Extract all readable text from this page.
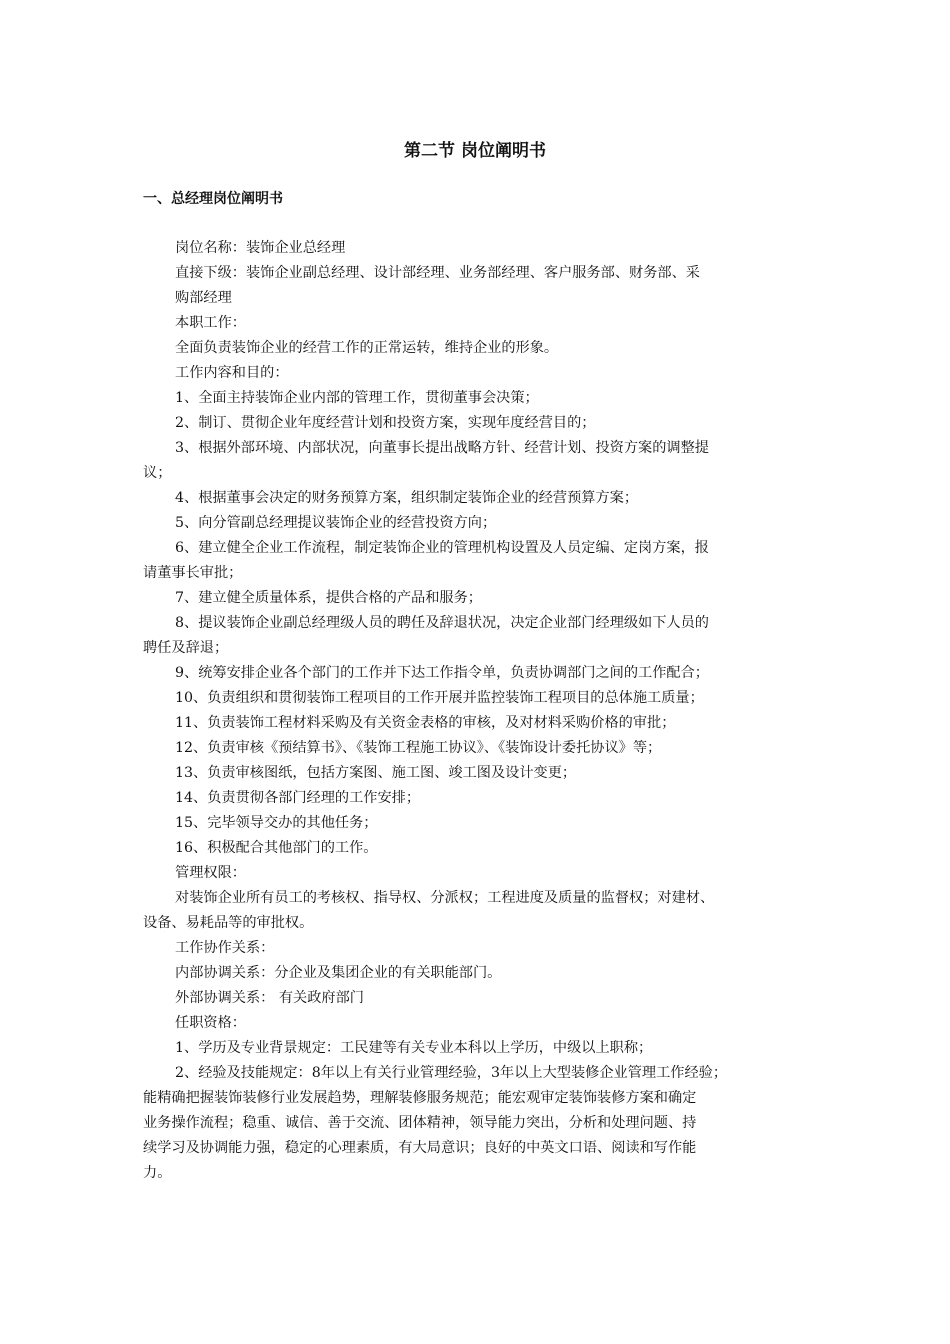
第二节 岗位阐明书
一、总经理岗位阐明书
岗位名称：装饰企业总经理
直接下级：装饰企业副总经理、设计部经理、业务部经理、客户服务部、财务部、采
购部经理
本职工作：
全面负责装饰企业的经营工作的正常运转，维持企业的形象。
工作内容和目的：
1、全面主持装饰企业内部的管理工作，贯彻董事会决策；
2、制订、贯彻企业年度经营计划和投资方案，实现年度经营目的；
3、根据外部环境、内部状况，向董事长提出战略方针、经营计划、投资方案的调整提
议；
4、根据董事会决定的财务预算方案，组织制定装饰企业的经营预算方案；
5、向分管副总经理提议装饰企业的经营投资方向；
6、建立健全企业工作流程，制定装饰企业的管理机构设置及人员定编、定岗方案，报
请董事长审批；
7、建立健全质量体系，提供合格的产品和服务；
8、提议装饰企业副总经理级人员的聘任及辞退状况，决定企业部门经理级如下人员的
聘任及辞退；
9、统筹安排企业各个部门的工作并下达工作指令单，负责协调部门之间的工作配合；
10、负责组织和贯彻装饰工程项目的工作开展并监控装饰工程项目的总体施工质量；
11、负责装饰工程材料采购及有关资金表格的审核，及对材料采购价格的审批；
12、负责审核《预结算书》、《装饰工程施工协议》、《装饰设计委托协议》等；
13、负责审核图纸，包括方案图、施工图、竣工图及设计变更；
14、负责贯彻各部门经理的工作安排；
15、完毕领导交办的其他任务；
16、积极配合其他部门的工作。
管理权限：
对装饰企业所有员工的考核权、指导权、分派权；工程进度及质量的监督权；对建材、
设备、易耗品等的审批权。
工作协作关系：
内部协调关系：分企业及集团企业的有关职能部门。
外部协调关系： 有关政府部门
任职资格：
1、学历及专业背景规定：工民建等有关专业本科以上学历，中级以上职称；
2、经验及技能规定：8年以上有关行业管理经验，3年以上大型装修企业管理工作经验；
能精确把握装饰装修行业发展趋势，理解装修服务规范；能宏观审定装饰装修方案和确定
业务操作流程；稳重、诚信、善于交流、团体精神，领导能力突出，分析和处理问题、持
续学习及协调能力强，稳定的心理素质，有大局意识；良好的中英文口语、阅读和写作能
力。
